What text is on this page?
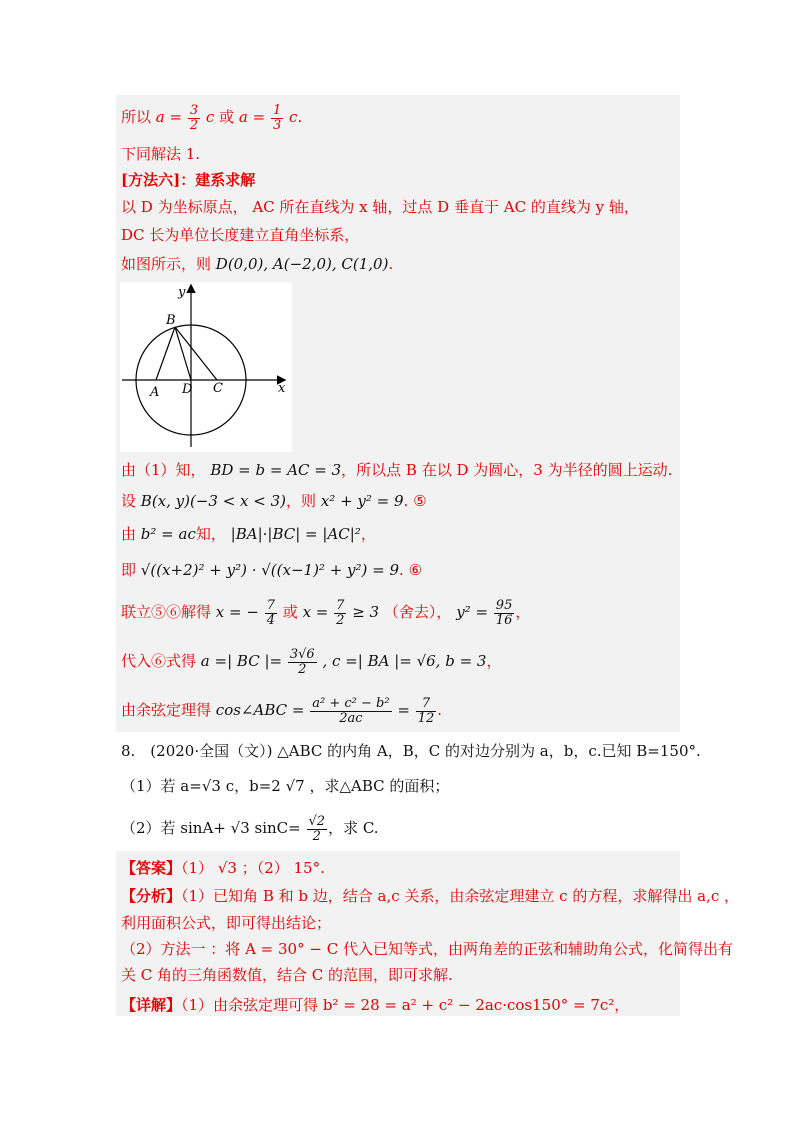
所以 $a = \frac{3}{2}$ c 或 $a = \frac{1}{3} c$.
下同解法 1.
[方法六]：建系求解
以 D 为坐标原点， AC 所在直线为 x 轴，过点 D 垂直于 AC 的直线为 y 轴，
DC 长为单位长度建立直角坐标系，
如图所示，则 D(0,0), A(−2,0), C(1,0).
y
x
B
A D C
由（1）知， BD = b = AC = 3，所以点 B 在以 D 为圆心，3 为半径的圆上运动.
设 B(x, y)(−3 < x < 3)，则 x² + y² = 9. ⑤
由 b² = ac知， |BA|·|BC| = |AC|²，
即 √((x+2)² + y²) · √((x−1)² + y²) = 9. ⑥
联立⑤⑥解得 x = − $\frac{7}{4}$ 或 $x = \frac{7}{2} \ge 3$ （舍去）， $y^2 = \frac{95}{16}$ ，
代入⑥式得 a =| BC |= $\frac{3√6}{2}$ , c =| BA |= √6, b = 3，
由余弦定理得 cos∠ABC = $\frac{\text{a² + c² − b²}}{2ac} = \frac{7}{12}$ .
8.　(2020·全国（文）) △ABC 的内角 A，B，C 的对边分别为 a，b，c.已知 B=150°.
（1）若 a=√3 c，b=2 √7 ，求△ABC 的面积；
（2）若 sinA+ √3 $\sin C= \frac{√2}{2}$ ，求 C.
【答案】（1） √3 ；（2） 15°.
【分析】（1）已知角 B 和 b 边，结合 a,c 关系，由余弦定理建立 c 的方程，求解得出 a,c ，
利用面积公式，即可得出结论；
（2）方法一 ：将 A = 30° − C 代入已知等式，由两角差的正弦和辅助角公式，化简得出有
关 C 角的三角函数值，结合 C 的范围，即可求解.
【详解】（1）由余弦定理可得 b² = 28 = a² + c² − 2ac·cos150° = 7c²，
